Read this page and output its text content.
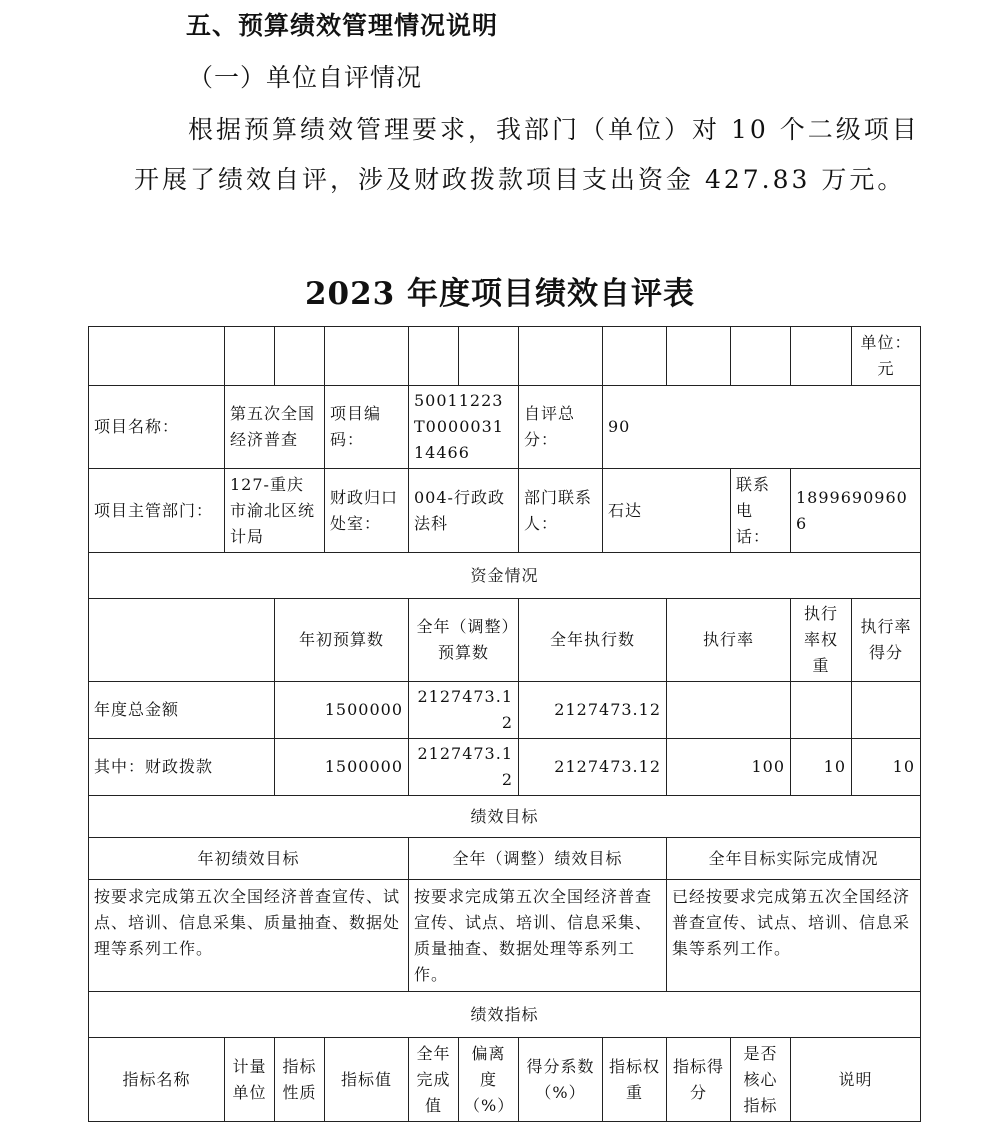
五、预算绩效管理情况说明
（一）单位自评情况
根据预算绩效管理要求，我部门（单位）对 10 个二级项目
开展了绩效自评，涉及财政拨款项目支出资金 427.83 万元。
2023 年度项目绩效自评表
											单位：元
项目名称：	第五次全国经济普查		项目编码：	50011223T000003114466		自评总分：	90				
项目主管部门：	127-重庆市渝北区统计局		财政归口处室：	004-行政政法科		部门联系人：	石达		联系电话：	18996909606	
资金情况											
		年初预算数		全年（调整）预算数		全年执行数		执行率		执行率权重	执行率得分
年度总金额		1500000		2127473.12		2127473.12					
其中：财政拨款		1500000		2127473.12		2127473.12		100		10	10
绩效目标											
年初绩效目标				全年（调整）绩效目标				全年目标实际完成情况			
按要求完成第五次全国经济普查宣传、试点、培训、信息采集、质量抽查、数据处理等系列工作。				按要求完成第五次全国经济普查宣传、试点、培训、信息采集、质量抽查、数据处理等系列工作。				已经按要求完成第五次全国经济普查宣传、试点、培训、信息采集等系列工作。			
绩效指标											
指标名称	计量单位	指标性质	指标值	全年完成值	偏离度（%）	得分系数（%）	指标权重	指标得分	是否核心指标	说明	
